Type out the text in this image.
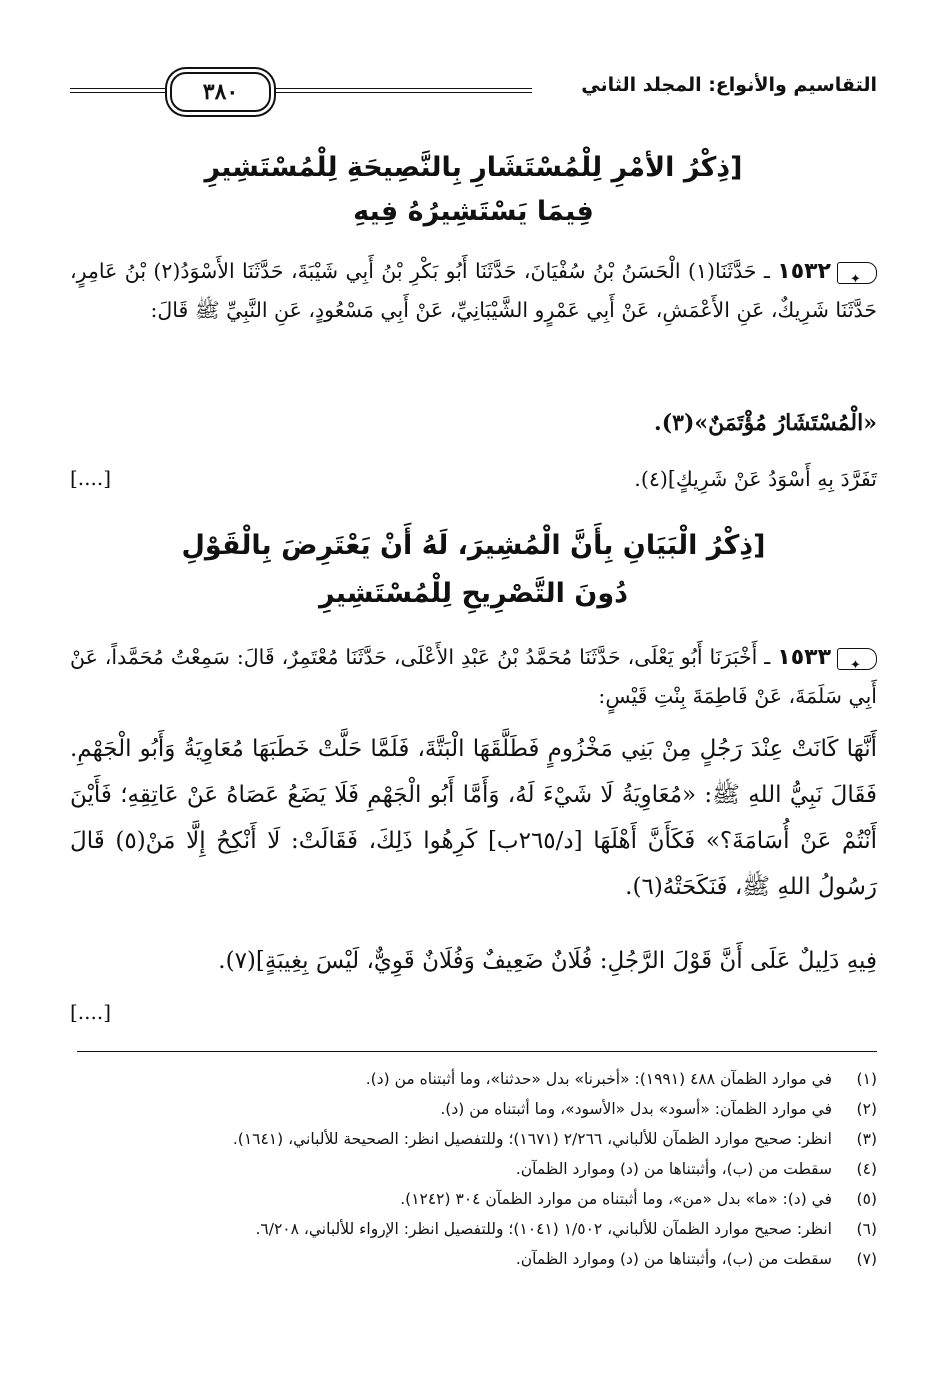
التقاسيم والأنواع: المجلد الثاني
٣٨٠
[ذِكْرُ الأمْرِ لِلْمُسْتَشَارِ بِالنَّصِيحَةِ لِلْمُسْتَشِيرِ
فِيمَا يَسْتَشِيرُهُ فِيهِ
✦١٥٣٢ ـ حَدَّثَنَا(١) الْحَسَنُ بْنُ سُفْيَانَ، حَدَّثَنَا أَبُو بَكْرِ بْنُ أَبِي شَيْبَةَ، حَدَّثَنَا الأَسْوَدُ(٢) بْنُ عَامِرٍ، حَدَّثَنَا شَرِيكٌ، عَنِ الأَعْمَشِ، عَنْ أَبِي عَمْرٍو الشَّيْبَانِيِّ، عَنْ أَبِي مَسْعُودٍ، عَنِ النَّبِيِّ ﷺ قَالَ:
«الْمُسْتَشَارُ مُؤْتَمَنٌ»(٣).
تَفَرَّدَ بِهِ أَسْوَدُ عَنْ شَرِيكٍ](٤).
[....]
[ذِكْرُ الْبَيَانِ بِأَنَّ الْمُشِيرَ، لَهُ أَنْ يَعْتَرِضَ بِالْقَوْلِ
دُونَ التَّصْرِيحِ لِلْمُسْتَشِيرِ
✦١٥٣٣ ـ أَخْبَرَنَا أَبُو يَعْلَى، حَدَّثَنَا مُحَمَّدُ بْنُ عَبْدِ الأَعْلَى، حَدَّثَنَا مُعْتَمِرٌ، قَالَ: سَمِعْتُ مُحَمَّداً، عَنْ أَبِي سَلَمَةَ، عَنْ فَاطِمَةَ بِنْتِ قَيْسٍ:
أَنَّهَا كَانَتْ عِنْدَ رَجُلٍ مِنْ بَنِي مَخْزُومٍ فَطَلَّقَهَا الْبَتَّةَ، فَلَمَّا حَلَّتْ خَطَبَهَا مُعَاوِيَةُ وَأَبُو الْجَهْمِ. فَقَالَ نَبِيُّ اللهِ ﷺ: «مُعَاوِيَةُ لَا شَيْءَ لَهُ، وَأَمَّا أَبُو الْجَهْمِ فَلَا يَضَعُ عَصَاهُ عَنْ عَاتِقِهِ؛ فَأَيْنَ أَنْتُمْ عَنْ أُسَامَةَ؟» فَكَأَنَّ أَهْلَهَا [د/٢٦٥ب] كَرِهُوا ذَلِكَ، فَقَالَتْ: لَا أَنْكِحُ إِلَّا مَنْ(٥) قَالَ رَسُولُ اللهِ ﷺ، فَنَكَحَتْهُ(٦).
فِيهِ دَلِيلٌ عَلَى أَنَّ قَوْلَ الرَّجُلِ: فُلَانٌ ضَعِيفٌ وَفُلَانٌ قَوِيٌّ، لَيْسَ بِغِيبَةٍ](٧).
[....]
(١)
في موارد الظمآن ٤٨٨ (١٩٩١): «أخبرنا» بدل «حدثنا»، وما أثبتناه من (د).
(٢)
في موارد الظمآن: «أسود» بدل «الأسود»، وما أثبتناه من (د).
(٣)
انظر: صحيح موارد الظمآن للألباني، ٢/٢٦٦ (١٦٧١)؛ وللتفصيل انظر: الصحيحة للألباني، (١٦٤١).
(٤)
سقطت من (ب)، وأثبتناها من (د) وموارد الظمآن.
(٥)
في (د): «ما» بدل «من»، وما أثبتناه من موارد الظمآن ٣٠٤ (١٢٤٢).
(٦)
انظر: صحيح موارد الظمآن للألباني، ١/٥٠٢ (١٠٤١)؛ وللتفصيل انظر: الإرواء للألباني، ٦/٢٠٨.
(٧)
سقطت من (ب)، وأثبتناها من (د) وموارد الظمآن.
